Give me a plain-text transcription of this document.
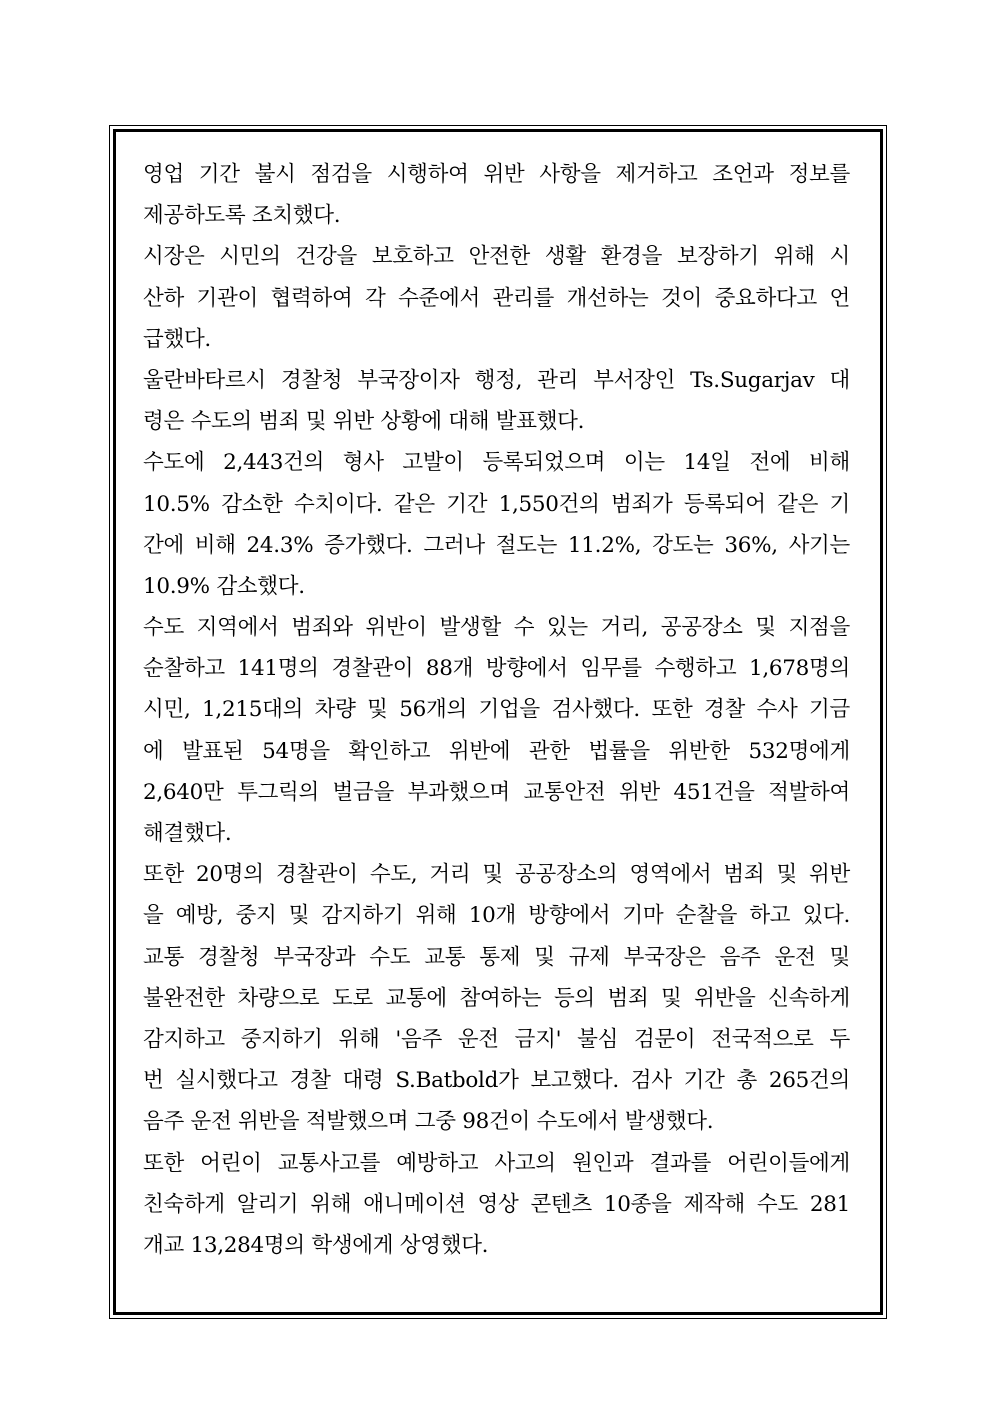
영업 기간 불시 점검을 시행하여 위반 사항을 제거하고 조언과 정보를
제공하도록 조치했다.
시장은 시민의 건강을 보호하고 안전한 생활 환경을 보장하기 위해 시
산하 기관이 협력하여 각 수준에서 관리를 개선하는 것이 중요하다고 언
급했다.
울란바타르시 경찰청 부국장이자 행정, 관리 부서장인 Ts.Sugarjav 대
령은 수도의 범죄 및 위반 상황에 대해 발표했다.
수도에 2,443건의 형사 고발이 등록되었으며 이는 14일 전에 비해
10.5% 감소한 수치이다. 같은 기간 1,550건의 범죄가 등록되어 같은 기
간에 비해 24.3% 증가했다. 그러나 절도는 11.2%, 강도는 36%, 사기는
10.9% 감소했다.
수도 지역에서 범죄와 위반이 발생할 수 있는 거리, 공공장소 및 지점을
순찰하고 141명의 경찰관이 88개 방향에서 임무를 수행하고 1,678명의
시민, 1,215대의 차량 및 56개의 기업을 검사했다. 또한 경찰 수사 기금
에 발표된 54명을 확인하고 위반에 관한 법률을 위반한 532명에게
2,640만 투그릭의 벌금을 부과했으며 교통안전 위반 451건을 적발하여
해결했다.
또한 20명의 경찰관이 수도, 거리 및 공공장소의 영역에서 범죄 및 위반
을 예방, 중지 및 감지하기 위해 10개 방향에서 기마 순찰을 하고 있다.
교통 경찰청 부국장과 수도 교통 통제 및 규제 부국장은 음주 운전 및
불완전한 차량으로 도로 교통에 참여하는 등의 범죄 및 위반을 신속하게
감지하고 중지하기 위해 '음주 운전 금지' 불심 검문이 전국적으로 두
번 실시했다고 경찰 대령 S.Batbold가 보고했다. 검사 기간 총 265건의
음주 운전 위반을 적발했으며 그중 98건이 수도에서 발생했다.
또한 어린이 교통사고를 예방하고 사고의 원인과 결과를 어린이들에게
친숙하게 알리기 위해 애니메이션 영상 콘텐츠 10종을 제작해 수도 281
개교 13,284명의 학생에게 상영했다.
